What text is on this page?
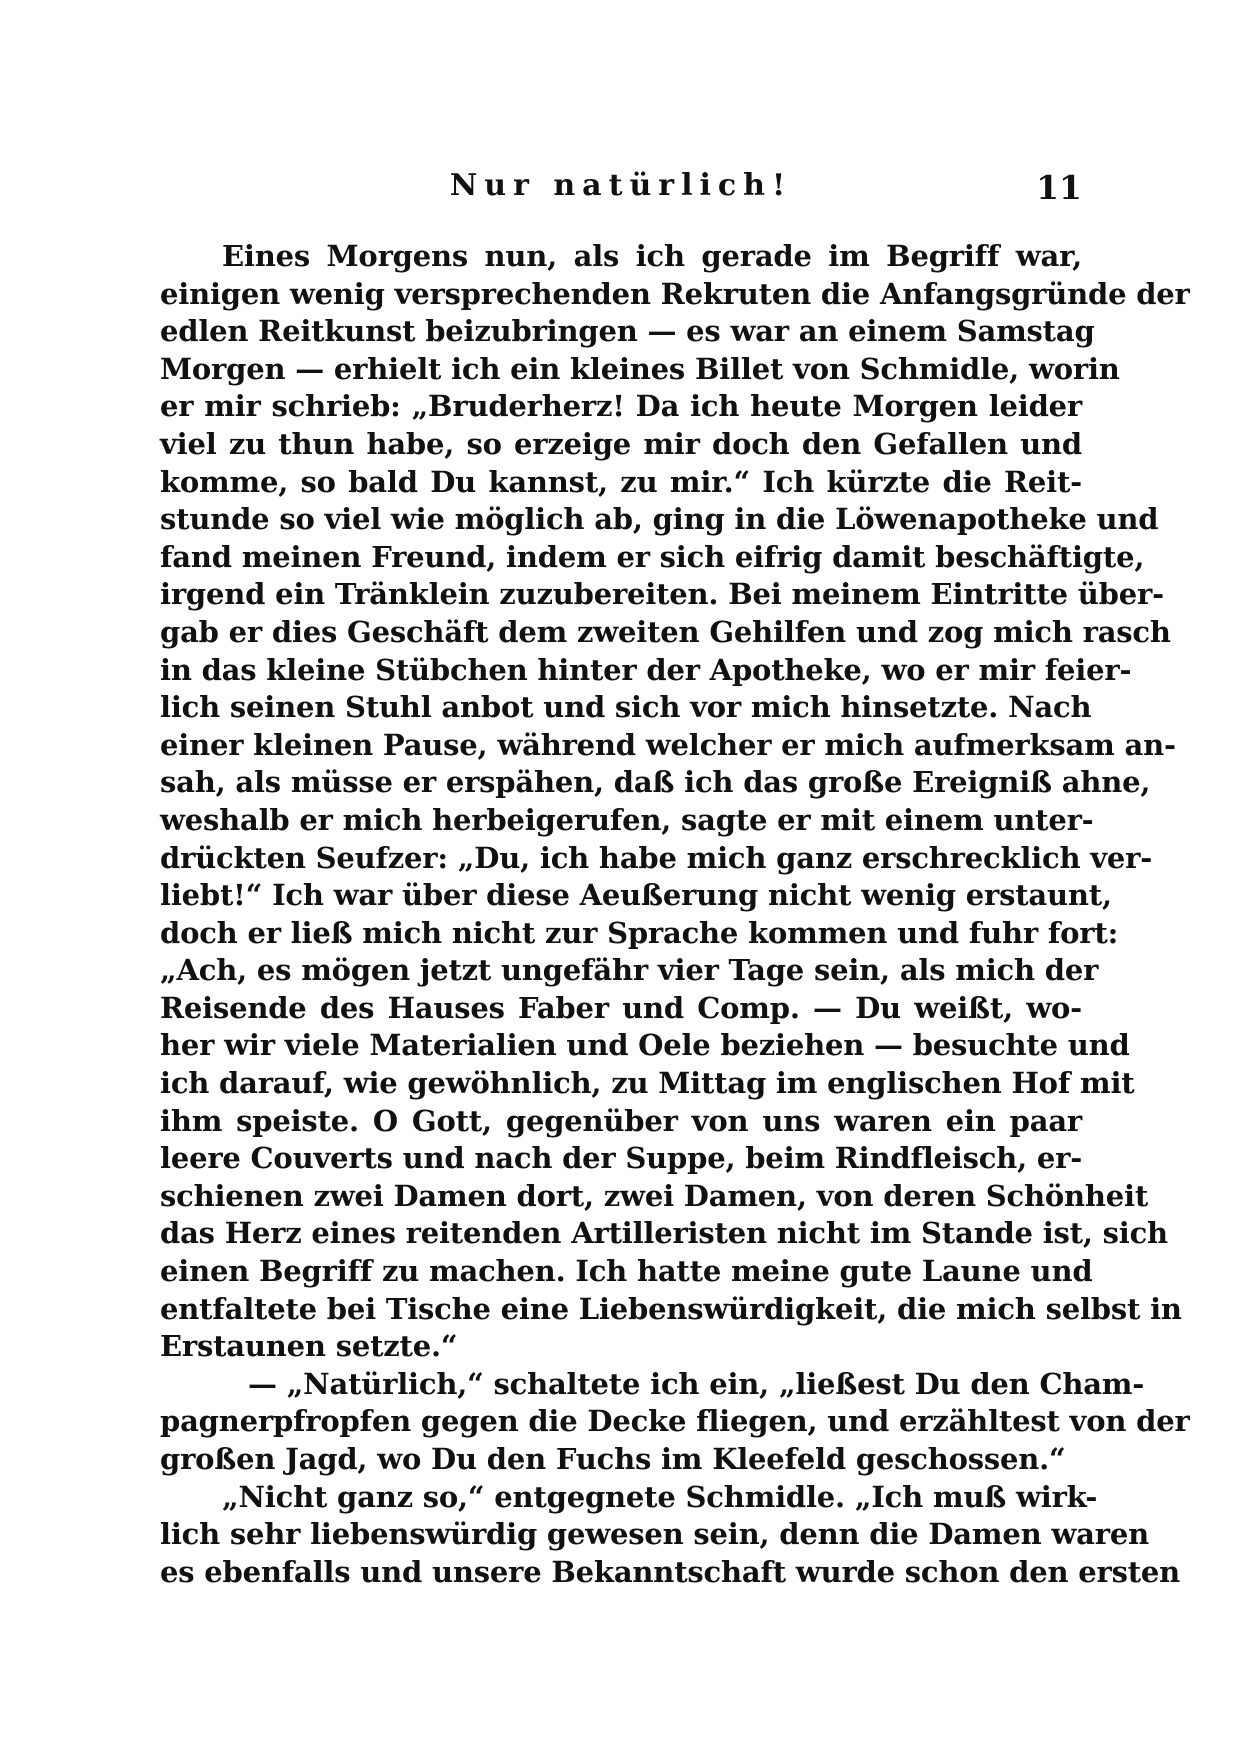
Nur natürlich!	11
Eines Morgens nun, als ich gerade im Begriff war,
einigen wenig versprechenden Rekruten die Anfangsgründe der
edlen Reitkunst beizubringen — es war an einem Samstag
Morgen — erhielt ich ein kleines Billet von Schmidle, worin
er mir schrieb: „Bruderherz! Da ich heute Morgen leider
viel zu thun habe, so erzeige mir doch den Gefallen und
komme, so bald Du kannst, zu mir.“ Ich kürzte die Reit-
stunde so viel wie möglich ab, ging in die Löwenapotheke und
fand meinen Freund, indem er sich eifrig damit beschäftigte,
irgend ein Tränklein zuzubereiten. Bei meinem Eintritte über-
gab er dies Geschäft dem zweiten Gehilfen und zog mich rasch
in das kleine Stübchen hinter der Apotheke, wo er mir feier-
lich seinen Stuhl anbot und sich vor mich hinsetzte. Nach
einer kleinen Pause, während welcher er mich aufmerksam an-
sah, als müsse er erspähen, daß ich das große Ereigniß ahne,
weshalb er mich herbeigerufen, sagte er mit einem unter-
drückten Seufzer: „Du, ich habe mich ganz erschrecklich ver-
liebt!“ Ich war über diese Aeußerung nicht wenig erstaunt,
doch er ließ mich nicht zur Sprache kommen und fuhr fort:
„Ach, es mögen jetzt ungefähr vier Tage sein, als mich der
Reisende des Hauses Faber und Comp. — Du weißt, wo-
her wir viele Materialien und Oele beziehen — besuchte und
ich darauf, wie gewöhnlich, zu Mittag im englischen Hof mit
ihm speiste. O Gott, gegenüber von uns waren ein paar
leere Couverts und nach der Suppe, beim Rindfleisch, er-
schienen zwei Damen dort, zwei Damen, von deren Schönheit
das Herz eines reitenden Artilleristen nicht im Stande ist, sich
einen Begriff zu machen. Ich hatte meine gute Laune und
entfaltete bei Tische eine Liebenswürdigkeit, die mich selbst in
Erstaunen setzte.“
— „Natürlich,“ schaltete ich ein, „ließest Du den Cham-
pagnerpfropfen gegen die Decke fliegen, und erzähltest von der
großen Jagd, wo Du den Fuchs im Kleefeld geschossen.“
„Nicht ganz so,“ entgegnete Schmidle. „Ich muß wirk-
lich sehr liebenswürdig gewesen sein, denn die Damen waren
es ebenfalls und unsere Bekanntschaft wurde schon den ersten
